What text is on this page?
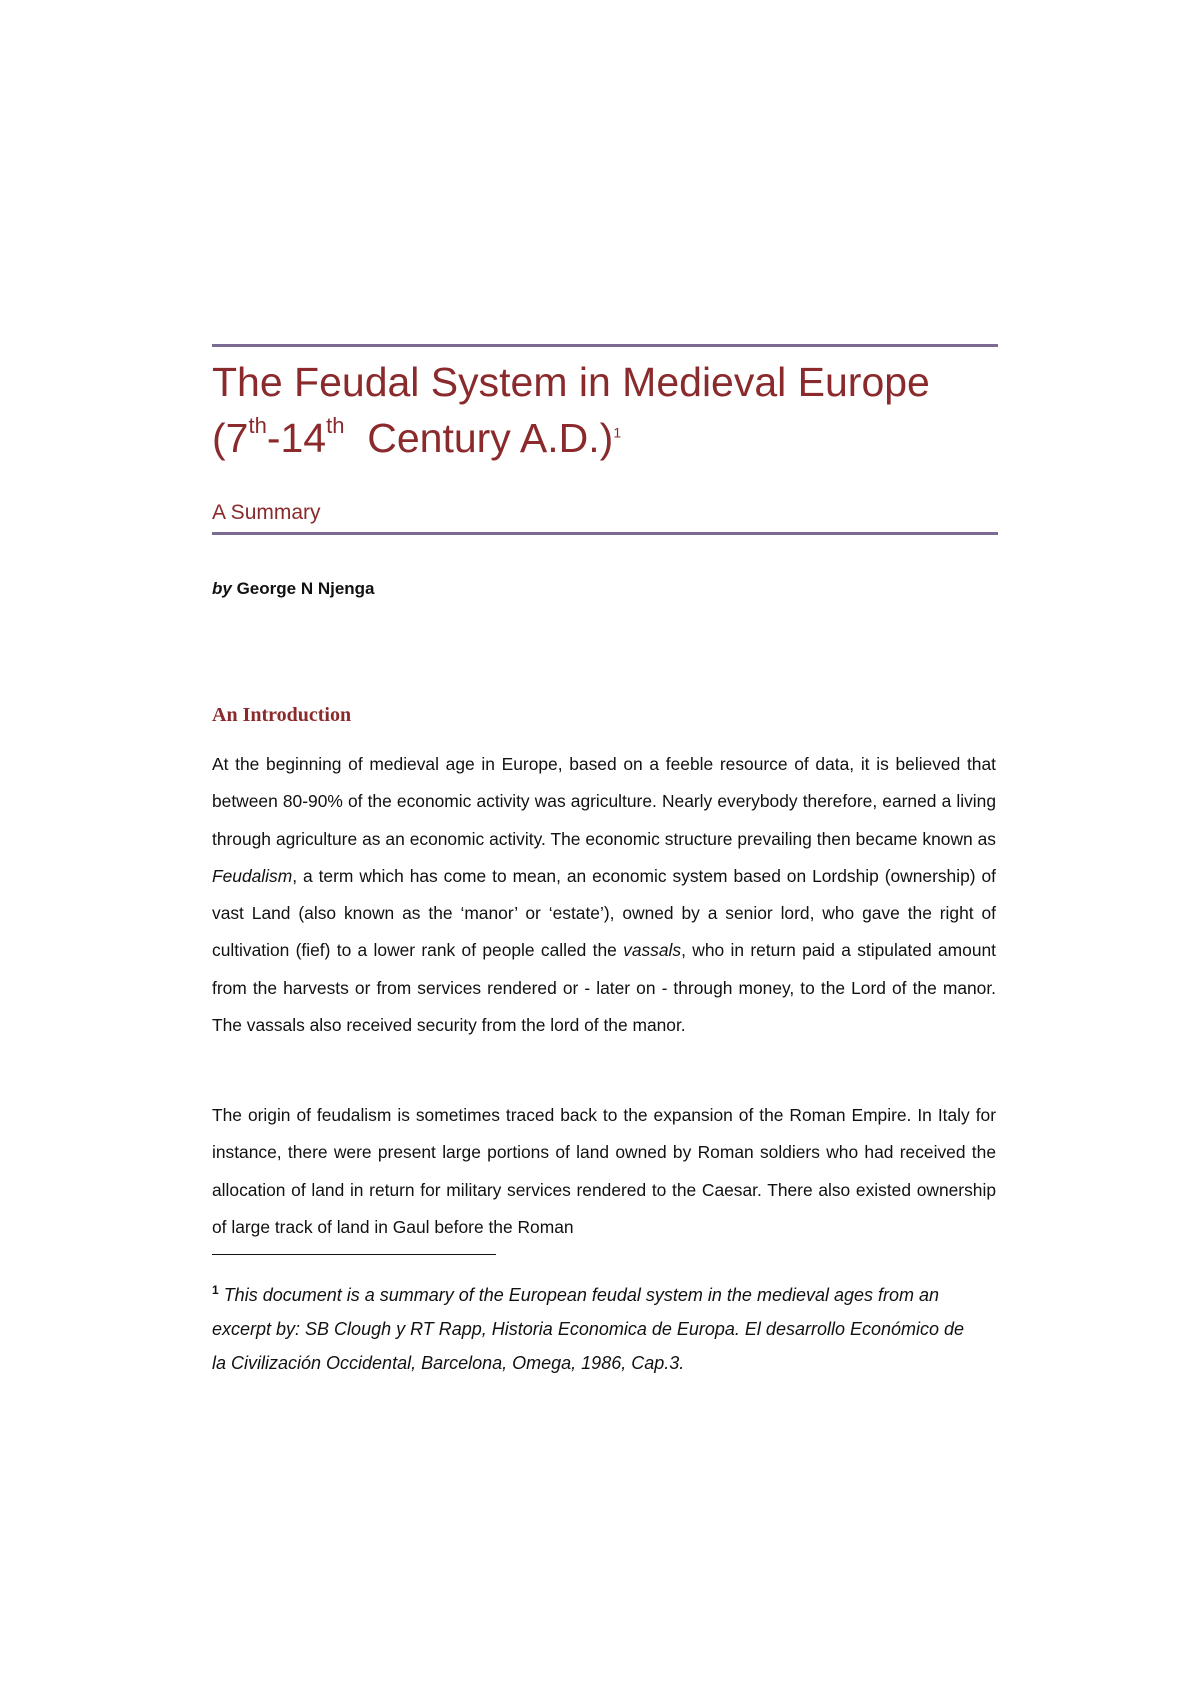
The Feudal System in Medieval Europe
(7th-14th  Century A.D.)$^1$
A Summary
by George N Njenga
An Introduction

At the beginning of medieval age in Europe, based on a feeble resource of data, it is believed that between 80-90% of the economic activity was agriculture. Nearly everybody therefore, earned a living through agriculture as an economic activity. The economic structure prevailing then became known as Feudalism, a term which has come to mean, an economic system based on Lordship (ownership) of vast Land (also known as the ‘manor’ or ‘estate’), owned by a senior lord, who gave the right of cultivation (fief) to a lower rank of people called the vassals, who in return paid a stipulated amount from the harvests or from services rendered or - later on - through money, to the Lord of the manor. The vassals also received security from the lord of the manor.

The origin of feudalism is sometimes traced back to the expansion of the Roman Empire. In Italy for instance, there were present large portions of land owned by Roman soldiers who had received the allocation of land in return for military services rendered to the Caesar. There also existed ownership of large track of land in Gaul before the Roman

$^1$ This document is a summary of the European feudal system in the medieval ages from an excerpt by: SB Clough y RT Rapp, Historia Economica de Europa. El desarrollo Económico de la Civilización Occidental, Barcelona, Omega, 1986, Cap.3.
